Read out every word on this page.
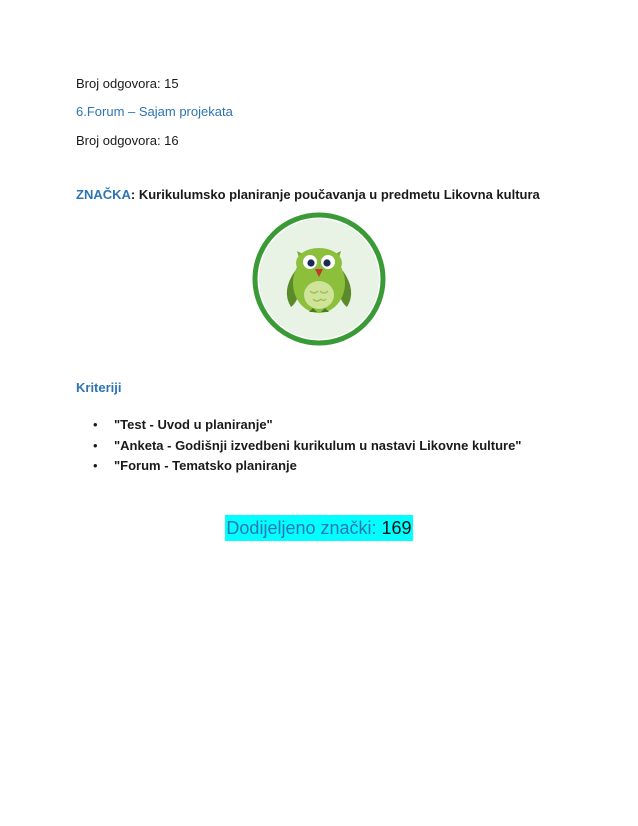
Broj odgovora: 15
6.Forum – Sajam projekata
Broj odgovora: 16
ZNAČKA: Kurikulumsko planiranje poučavanja u predmetu Likovna kultura
Kriteriji
• "Test - Uvod u planiranje"
• "Anketa - Godišnji izvedbeni kurikulum u nastavi Likovne kulture"
• "Forum - Tematsko planiranje
Dodijeljeno znački: 169
